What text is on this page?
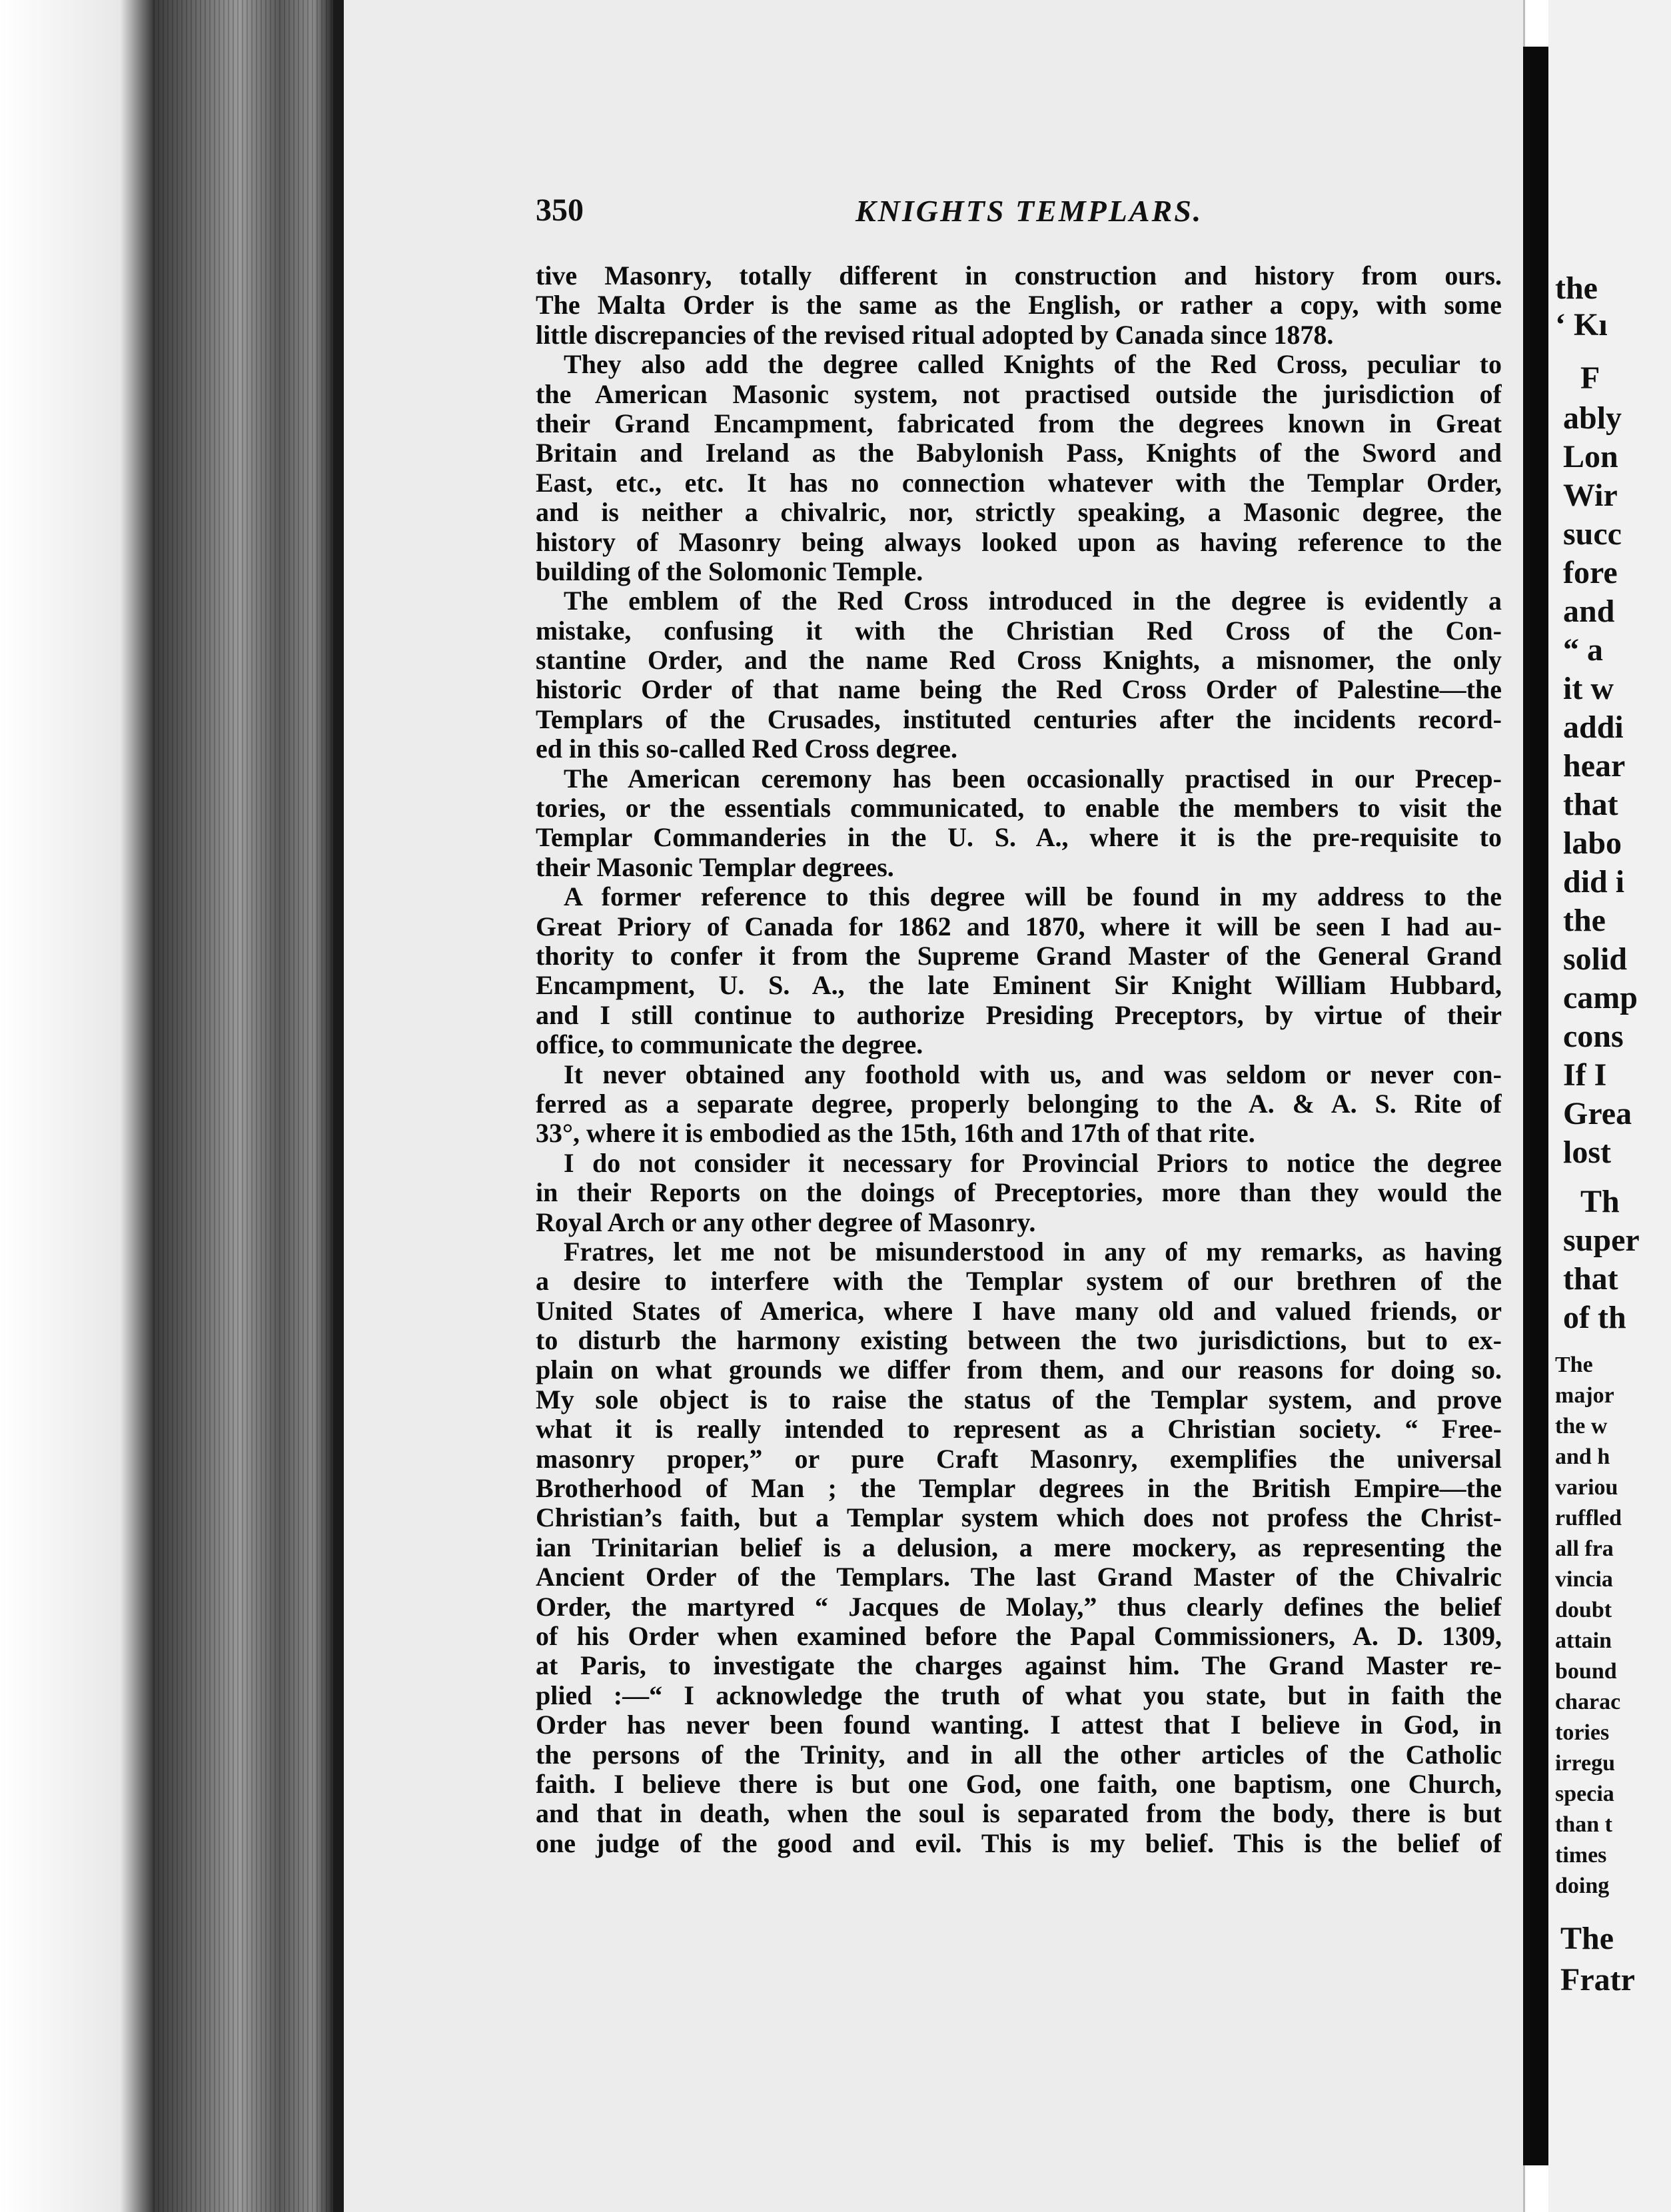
350	KNIGHTS TEMPLARS.
tive Masonry, totally different in construction and history from ours.
The Malta Order is the same as the English, or rather a copy, with some
little discrepancies of the revised ritual adopted by Canada since 1878.
They also add the degree called Knights of the Red Cross, peculiar to
the American Masonic system, not practised outside the jurisdiction of
their Grand Encampment, fabricated from the degrees known in Great
Britain and Ireland as the Babylonish Pass, Knights of the Sword and
East, etc., etc. It has no connection whatever with the Templar Order,
and is neither a chivalric, nor, strictly speaking, a Masonic degree, the
history of Masonry being always looked upon as having reference to the
building of the Solomonic Temple.
The emblem of the Red Cross introduced in the degree is evidently a
mistake, confusing it with the Christian Red Cross of the Con-
stantine Order, and the name Red Cross Knights, a misnomer, the only
historic Order of that name being the Red Cross Order of Palestine—the
Templars of the Crusades, instituted centuries after the incidents record-
ed in this so-called Red Cross degree.
The American ceremony has been occasionally practised in our Precep-
tories, or the essentials communicated, to enable the members to visit the
Templar Commanderies in the U. S. A., where it is the pre-requisite to
their Masonic Templar degrees.
A former reference to this degree will be found in my address to the
Great Priory of Canada for 1862 and 1870, where it will be seen I had au-
thority to confer it from the Supreme Grand Master of the General Grand
Encampment, U. S. A., the late Eminent Sir Knight William Hubbard,
and I still continue to authorize Presiding Preceptors, by virtue of their
office, to communicate the degree.
It never obtained any foothold with us, and was seldom or never con-
ferred as a separate degree, properly belonging to the A. & A. S. Rite of
33°, where it is embodied as the 15th, 16th and 17th of that rite.
I do not consider it necessary for Provincial Priors to notice the degree
in their Reports on the doings of Preceptories, more than they would the
Royal Arch or any other degree of Masonry.
Fratres, let me not be misunderstood in any of my remarks, as having
a desire to interfere with the Templar system of our brethren of the
United States of America, where I have many old and valued friends, or
to disturb the harmony existing between the two jurisdictions, but to ex-
plain on what grounds we differ from them, and our reasons for doing so.
My sole object is to raise the status of the Templar system, and prove
what it is really intended to represent as a Christian society. “ Free-
masonry proper,” or pure Craft Masonry, exemplifies the universal
Brotherhood of Man ; the Templar degrees in the British Empire—the
Christian’s faith, but a Templar system which does not profess the Christ-
ian Trinitarian belief is a delusion, a mere mockery, as representing the
Ancient Order of the Templars. The last Grand Master of the Chivalric
Order, the martyred “ Jacques de Molay,” thus clearly defines the belief
of his Order when examined before the Papal Commissioners, A. D. 1309,
at Paris, to investigate the charges against him. The Grand Master re-
plied :—“ I acknowledge the truth of what you state, but in faith the
Order has never been found wanting. I attest that I believe in God, in
the persons of the Trinity, and in all the other articles of the Catholic
faith. I believe there is but one God, one faith, one baptism, one Church,
and that in death, when the soul is separated from the body, there is but
one judge of the good and evil. This is my belief. This is the belief of
the
‘ Kı
F
ably
Lon
Wir
succ
fore
and
“ a
it w
addi
hear
that
labo
did i
the
solid
camp
cons
If I
Grea
lost
Th
super
that
of th
The
major
the w
and h
variou
ruffled
all fra
vincia
doubt
attain
bound
charac
tories
irregu
specia
than t
times
doing
The
Fratr
